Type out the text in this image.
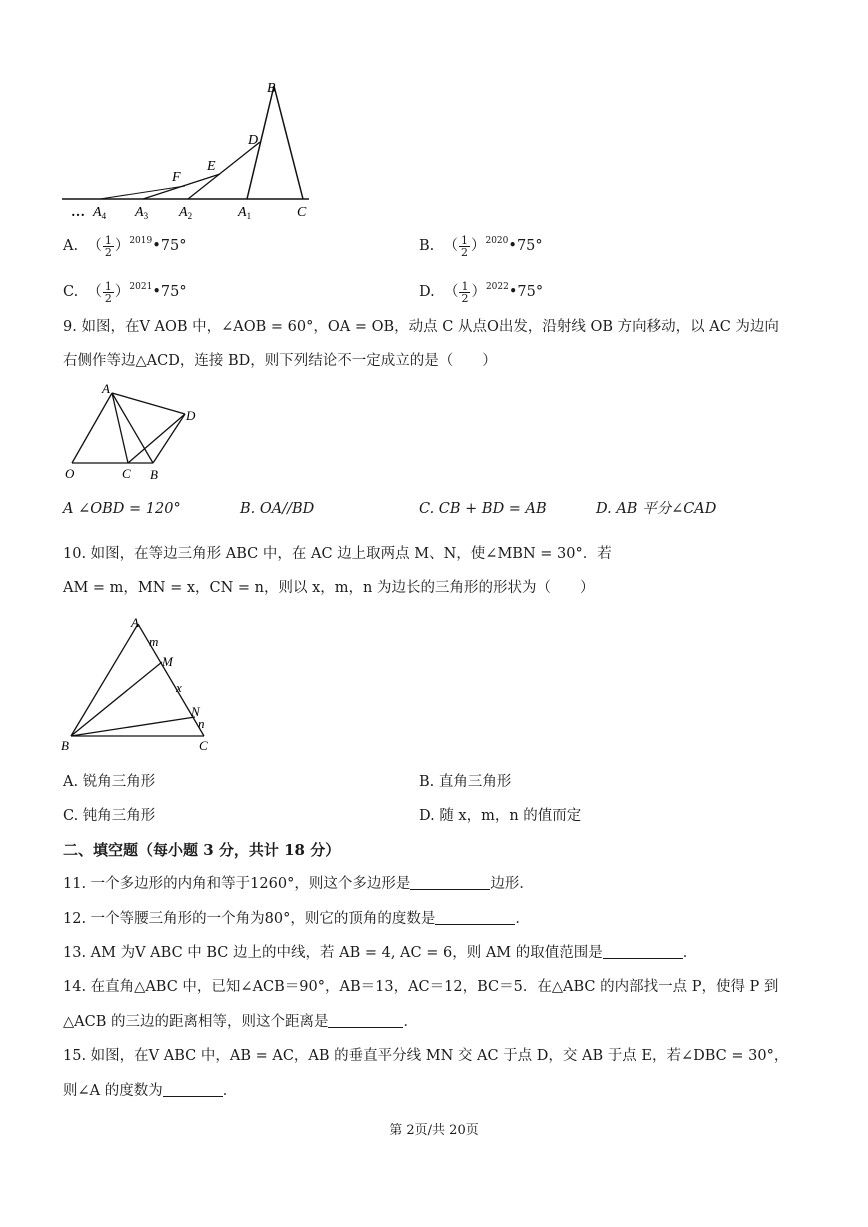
B
D
E
F
… $A_4$ $A_3$ $A_2$	$A_1$	C
A. （ $\frac{1}{2}$ ）$^{2019}$•75°	B. （ $\frac{1}{2}$ ）$^{2020}$•75°
C. （ $\frac{1}{2}$ ）$^{2021}$•75°	D. （ $\frac{1}{2}$ ）$^{2022}$•75°
9. 如图，在V AOB 中，∠AOB = 60°，OA = OB，动点 C 从点O出发，沿射线 OB 方向移动，以 AC 为边向
右侧作等边△ACD，连接 BD，则下列结论不一定成立的是（　　）
A
D
O	C B
A ∠OBD = 120°	B. OA//BD	C. CB + BD = AB	D. AB 平分∠CAD
10. 如图，在等边三角形 ABC 中，在 AC 边上取两点 M、N，使∠MBN = 30°．若
AM = m，MN = x，CN = n，则以 x，m，n 为边长的三角形的形状为（　　）
A
m
M
x
N
n
B	C
A. 锐角三角形	B. 直角三角形
C. 钝角三角形	D. 随 x，m，n 的值而定
二、填空题（每小题 3 分，共计 18 分）
11. 一个多边形的内角和等于1260°，则这个多边形是	边形．
12. 一个等腰三角形的一个角为80°，则它的顶角的度数是	．
13. AM 为V ABC 中 BC 边上的中线，若 AB = 4, AC = 6，则 AM 的取值范围是	．
14. 在直角△ABC 中，已知∠ACB＝90°，AB＝13，AC＝12，BC＝5．在△ABC 的内部找一点 P，使得 P 到
△ACB 的三边的距离相等，则这个距离是	．
15. 如图，在V ABC 中，AB = AC，AB 的垂直平分线 MN 交 AC 于点 D，交 AB 于点 E，若∠DBC = 30°，
则∠A 的度数为	．
第 2页/共 20页
